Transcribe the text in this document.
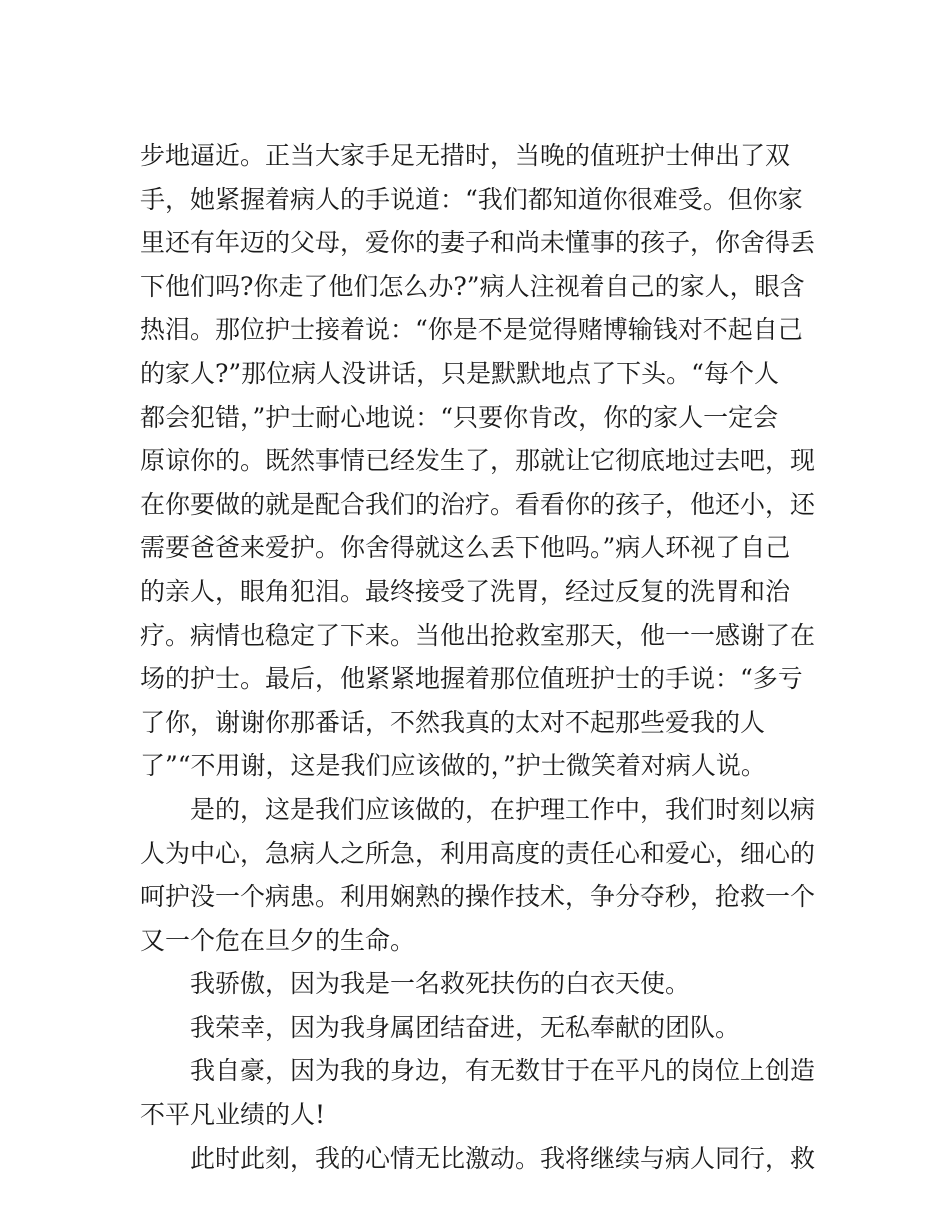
步地逼近。正当大家手足无措时，当晚的值班护士伸出了双
手，她紧握着病人的手说道：“我们都知道你很难受。但你家
里还有年迈的父母，爱你的妻子和尚未懂事的孩子，你舍得丢
下他们吗?你走了他们怎么办?”病人注视着自己的家人，眼含
热泪。那位护士接着说：“你是不是觉得赌博输钱对不起自己
的家人?”那位病人没讲话，只是默默地点了下头。“每个人
都会犯错，”护士耐心地说：“只要你肯改，你的家人一定会
原谅你的。既然事情已经发生了，那就让它彻底地过去吧，现
在你要做的就是配合我们的治疗。看看你的孩子，他还小，还
需要爸爸来爱护。你舍得就这么丢下他吗。”病人环视了自己
的亲人，眼角犯泪。最终接受了洗胃，经过反复的洗胃和治
疗。病情也稳定了下来。当他出抢救室那天，他一一感谢了在
场的护士。最后，他紧紧地握着那位值班护士的手说：“多亏
了你，谢谢你那番话，不然我真的太对不起那些爱我的人
了”“不用谢，这是我们应该做的，”护士微笑着对病人说。

是的，这是我们应该做的，在护理工作中，我们时刻以病
人为中心，急病人之所急，利用高度的责任心和爱心，细心的
呵护没一个病患。利用娴熟的操作技术，争分夺秒，抢救一个
又一个危在旦夕的生命。

我骄傲，因为我是一名救死扶伤的白衣天使。

我荣幸，因为我身属团结奋进，无私奉献的团队。

我自豪，因为我的身边，有无数甘于在平凡的岗位上创造
不平凡业绩的人!

此时此刻，我的心情无比激动。我将继续与病人同行，救
